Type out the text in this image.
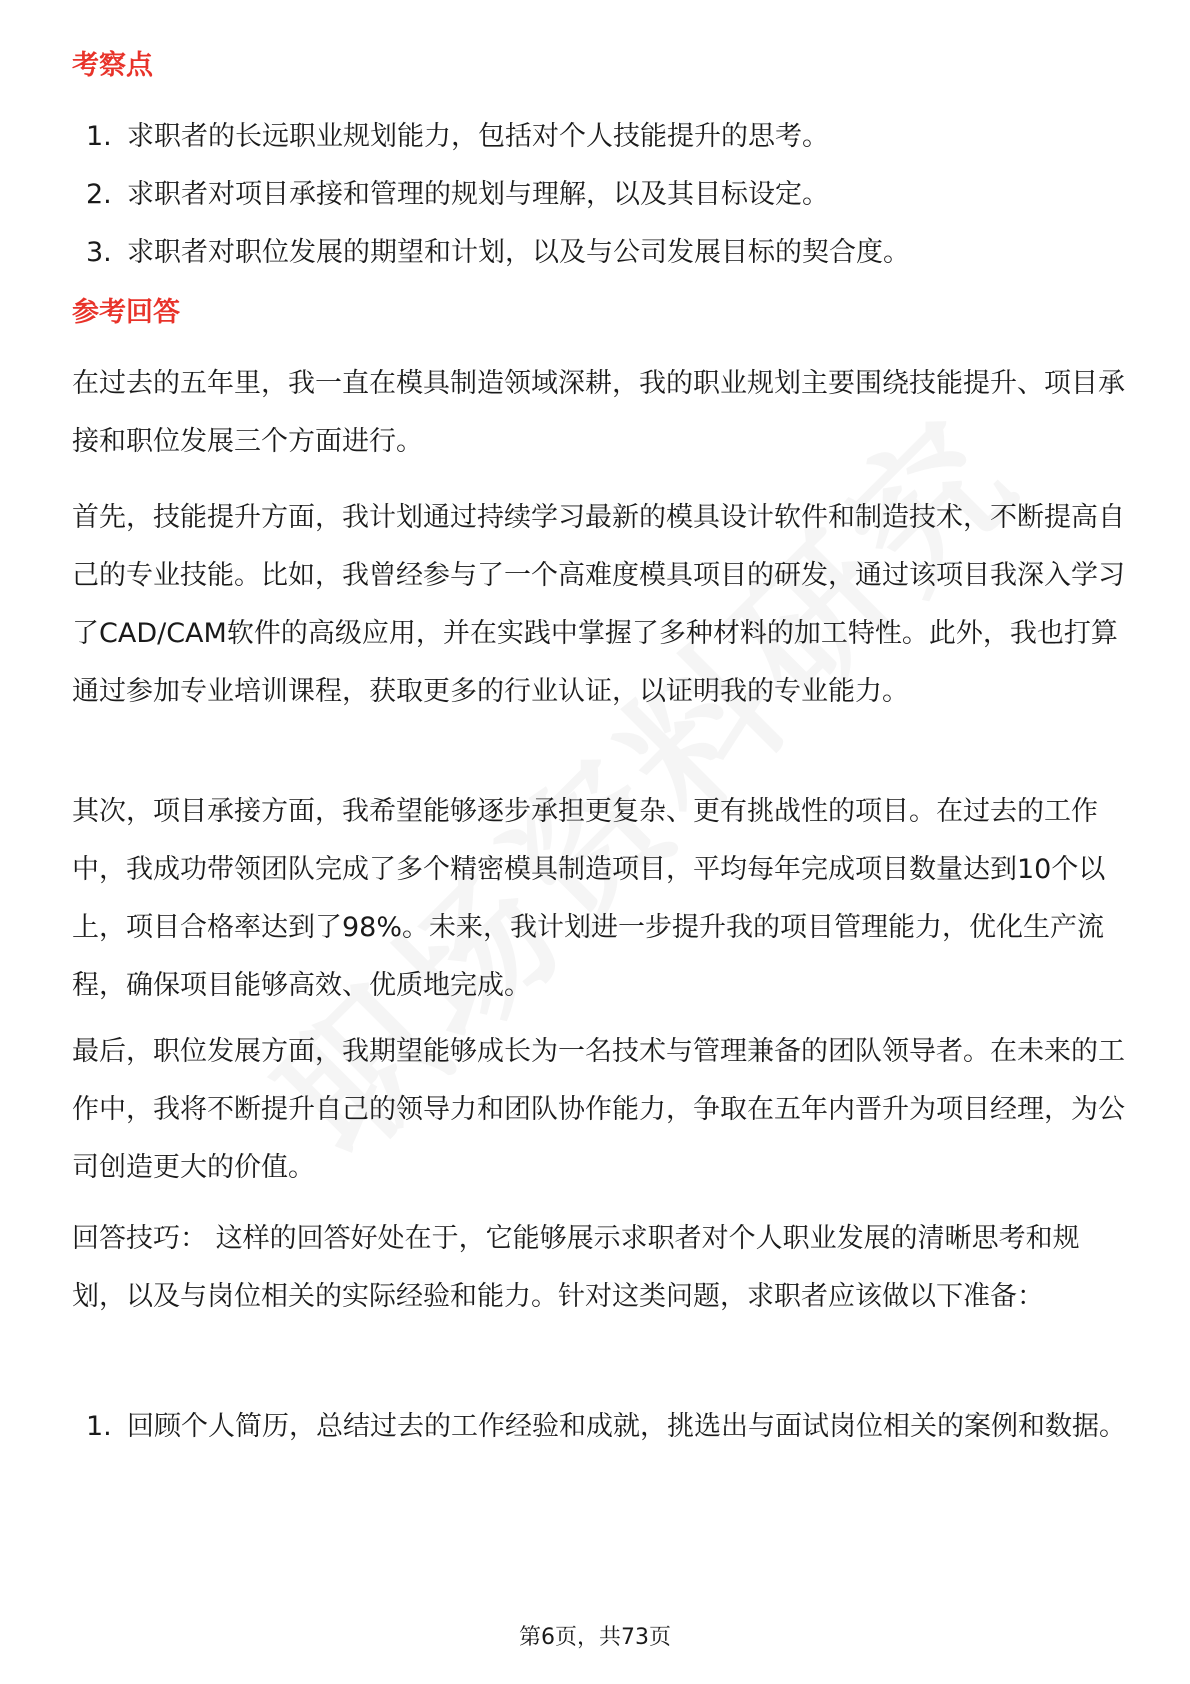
考察点
1. 求职者的长远职业规划能力，包括对个人技能提升的思考。
2. 求职者对项目承接和管理的规划与理解，以及其目标设定。
3. 求职者对职位发展的期望和计划，以及与公司发展目标的契合度。
参考回答

在过去的五年里，我一直在模具制造领域深耕，我的职业规划主要围绕技能提升、项目承接和职位发展三个方面进行。

首先，技能提升方面，我计划通过持续学习最新的模具设计软件和制造技术，不断提高自己的专业技能。比如，我曾经参与了一个高难度模具项目的研发，通过该项目我深入学习了CAD/CAM软件的高级应用，并在实践中掌握了多种材料的加工特性。此外，我也打算通过参加专业培训课程，获取更多的行业认证，以证明我的专业能力。

其次，项目承接方面，我希望能够逐步承担更复杂、更有挑战性的项目。在过去的工作中，我成功带领团队完成了多个精密模具制造项目，平均每年完成项目数量达到10个以上，项目合格率达到了98%。未来，我计划进一步提升我的项目管理能力，优化生产流程，确保项目能够高效、优质地完成。

最后，职位发展方面，我期望能够成长为一名技术与管理兼备的团队领导者。在未来的工作中，我将不断提升自己的领导力和团队协作能力，争取在五年内晋升为项目经理，为公司创造更大的价值。

回答技巧： 这样的回答好处在于，它能够展示求职者对个人职业发展的清晰思考和规划，以及与岗位相关的实际经验和能力。针对这类问题，求职者应该做以下准备：

1. 回顾个人简历，总结过去的工作经验和成就，挑选出与面试岗位相关的案例和数据。
第6页，共73页
